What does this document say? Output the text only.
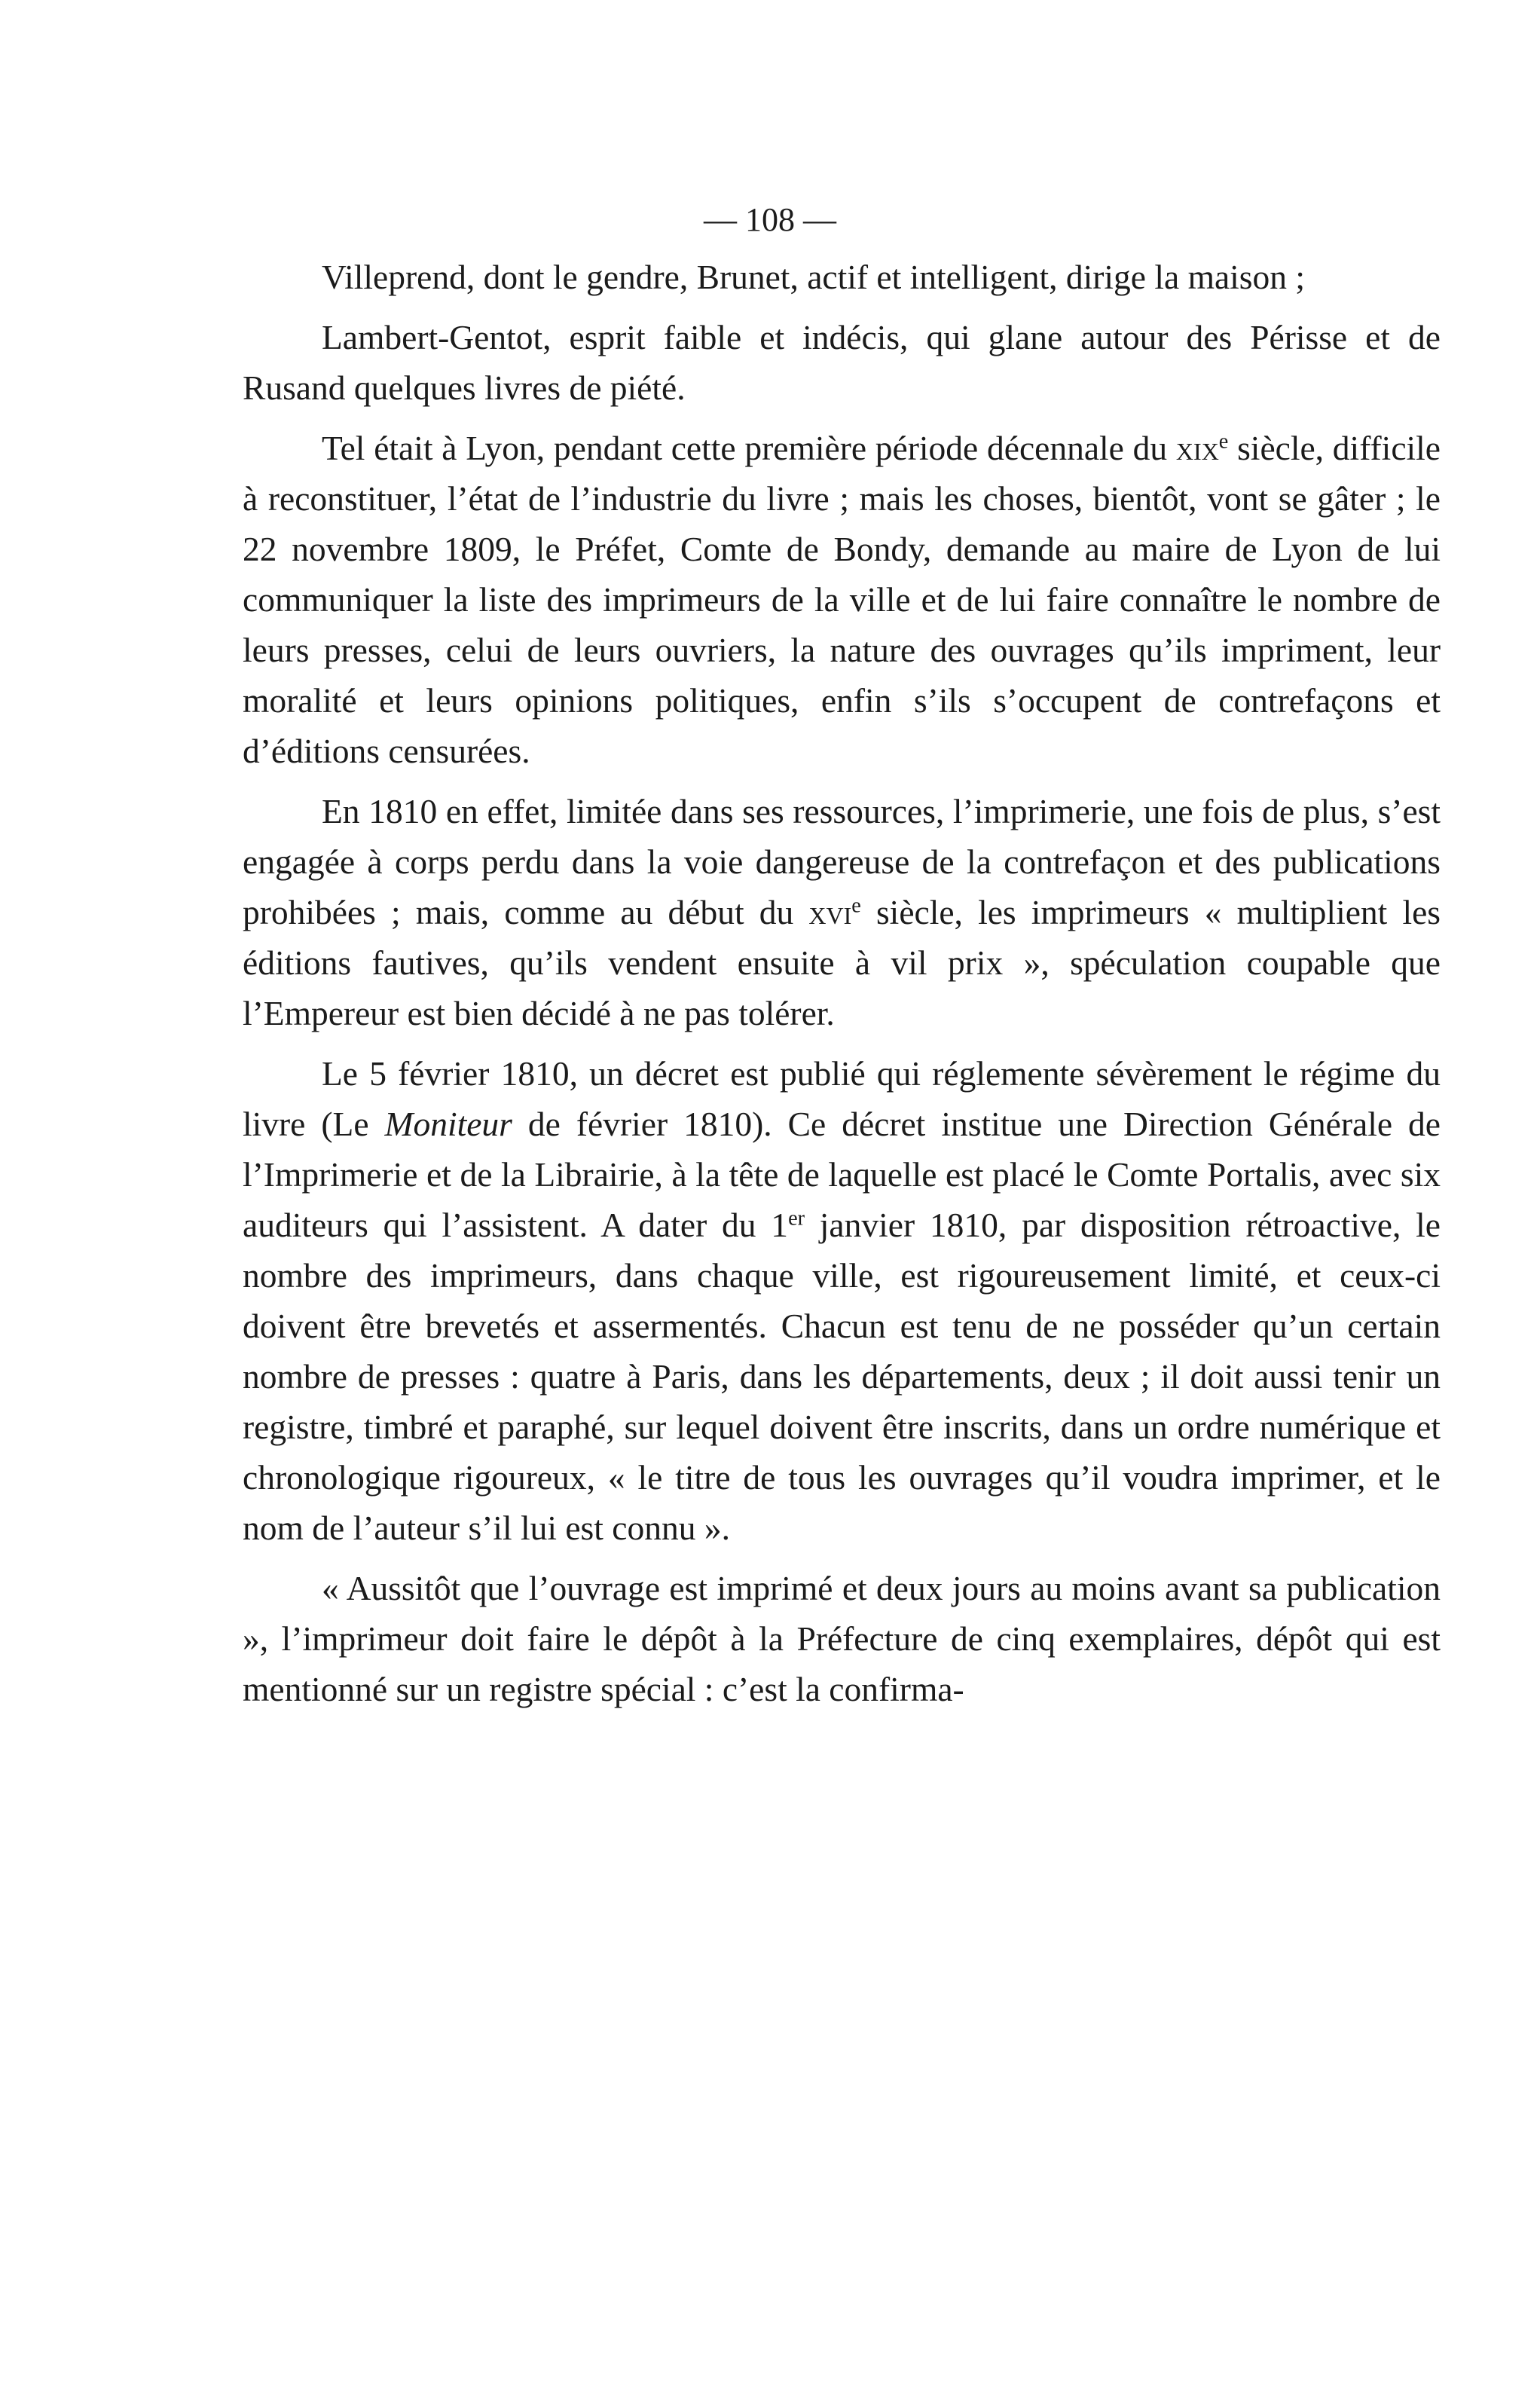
— 108 —

Villeprend, dont le gendre, Brunet, actif et intelligent, dirige la maison ;

Lambert-Gentot, esprit faible et indécis, qui glane autour des Périsse et de Rusand quelques livres de piété.

Tel était à Lyon, pendant cette première période décennale du xix$^e$ siècle, difficile à reconstituer, l’état de l’industrie du livre ; mais les choses, bientôt, vont se gâter ; le 22 novembre 1809, le Préfet, Comte de Bondy, demande au maire de Lyon de lui communiquer la liste des imprimeurs de la ville et de lui faire connaître le nombre de leurs presses, celui de leurs ouvriers, la nature des ouvrages qu’ils impriment, leur moralité et leurs opinions politiques, enfin s’ils s’occupent de contrefaçons et d’éditions censurées.

En 1810 en effet, limitée dans ses ressources, l’imprimerie, une fois de plus, s’est engagée à corps perdu dans la voie dangereuse de la contrefaçon et des publications prohibées ; mais, comme au début du xvi$^e$ siècle, les imprimeurs « multiplient les éditions fautives, qu’ils vendent ensuite à vil prix », spéculation coupable que l’Empereur est bien décidé à ne pas tolérer.

Le 5 février 1810, un décret est publié qui réglemente sévèrement le régime du livre (Le Moniteur de février 1810). Ce décret institue une Direction Générale de l’Imprimerie et de la Librairie, à la tête de laquelle est placé le Comte Portalis, avec six auditeurs qui l’assistent. A dater du 1er janvier 1810, par disposition rétroactive, le nombre des imprimeurs, dans chaque ville, est rigoureusement limité, et ceux-ci doivent être brevetés et assermentés. Chacun est tenu de ne posséder qu’un certain nombre de presses : quatre à Paris, dans les départements, deux ; il doit aussi tenir un registre, timbré et paraphé, sur lequel doivent être inscrits, dans un ordre numérique et chronologique rigoureux, « le titre de tous les ouvrages qu’il voudra imprimer, et le nom de l’auteur s’il lui est connu ».

« Aussitôt que l’ouvrage est imprimé et deux jours au moins avant sa publication », l’imprimeur doit faire le dépôt à la Préfecture de cinq exemplaires, dépôt qui est mentionné sur un registre spécial : c’est la confirma-
